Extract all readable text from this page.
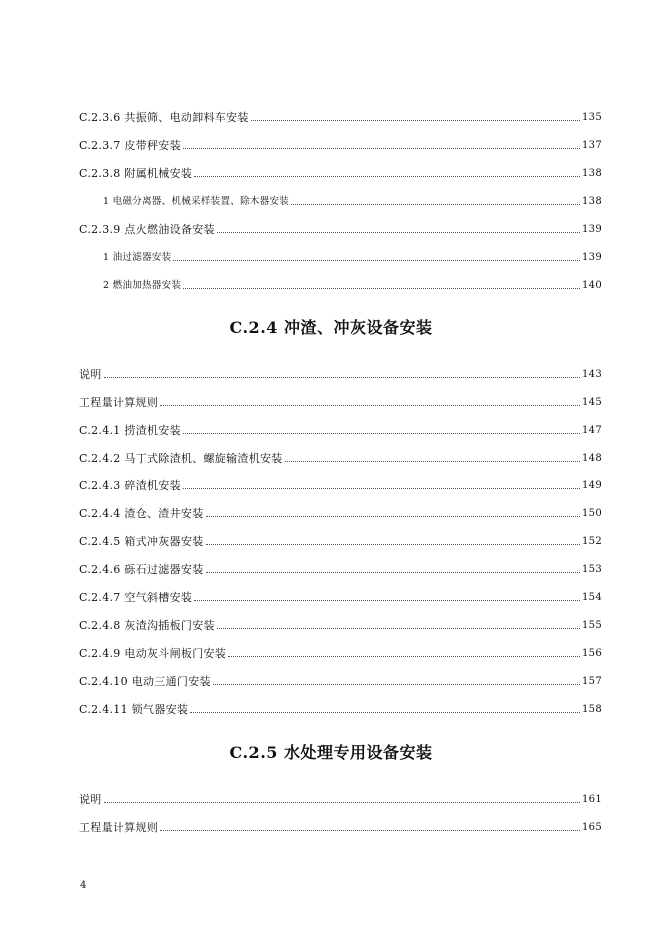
C.2.3.6 共振筛、电动卸料车安装	135
C.2.3.7 皮带秤安装	137
C.2.3.8 附属机械安装	138
1 电磁分离器、机械采样装置、除木器安装	138
C.2.3.9 点火燃油设备安装	139
1 油过滤器安装	139
2 燃油加热器安装	140
C.2.4 冲渣、冲灰设备安装
说明	143
工程量计算规则	145
C.2.4.1 捞渣机安装	147
C.2.4.2 马丁式除渣机、螺旋输渣机安装	148
C.2.4.3 碎渣机安装	149
C.2.4.4 渣仓、渣井安装	150
C.2.4.5 箱式冲灰器安装	152
C.2.4.6 砾石过滤器安装	153
C.2.4.7 空气斜槽安装	154
C.2.4.8 灰渣沟插板门安装	155
C.2.4.9 电动灰斗闸板门安装	156
C.2.4.10 电动三通门安装	157
C.2.4.11 锁气器安装	158
C.2.5 水处理专用设备安装
说明	161
工程量计算规则	165
4
